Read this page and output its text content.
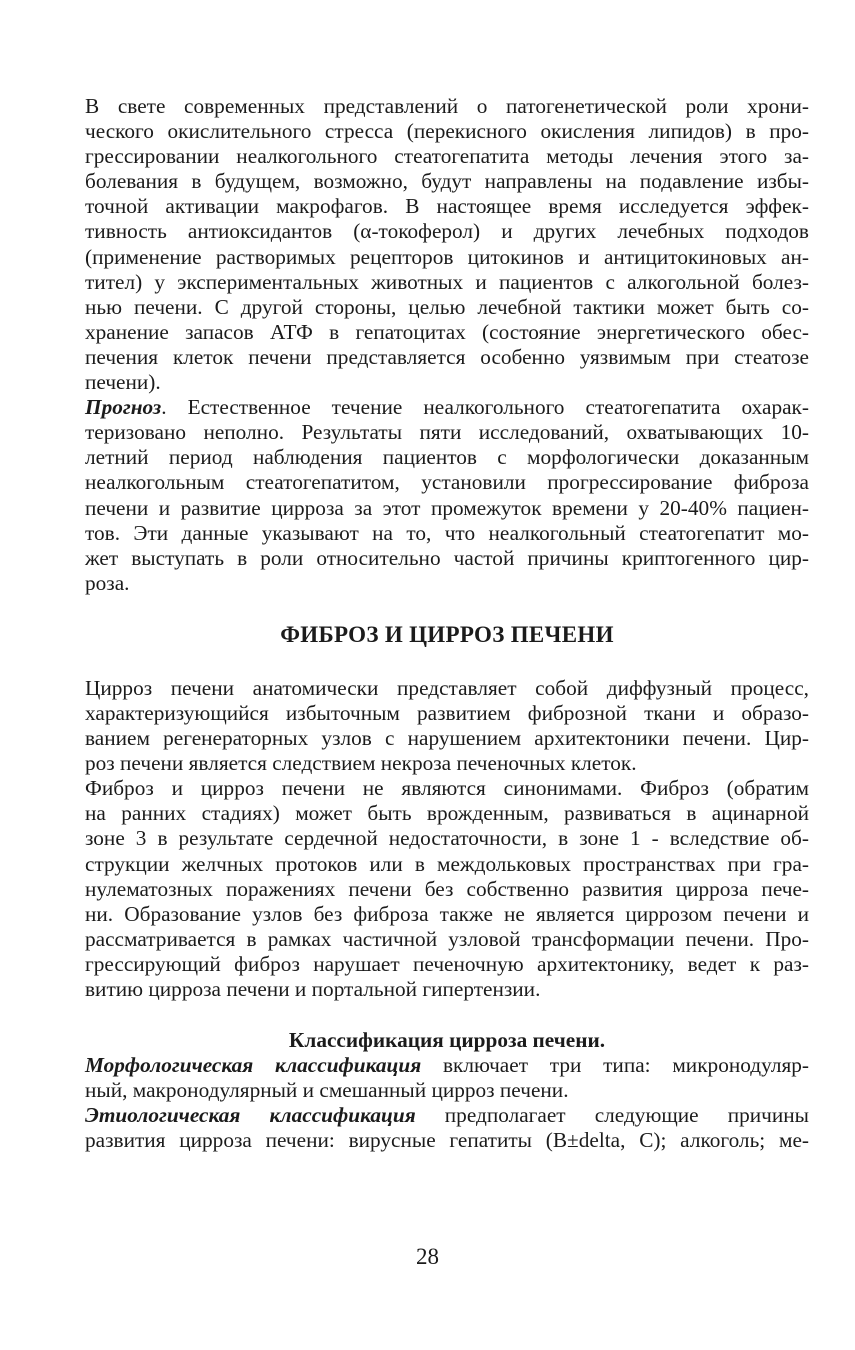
В свете современных представлений о патогенетической роли хрони-
ческого окислительного стресса (перекисного окисления липидов) в про-
грессировании неалкогольного стеатогепатита методы лечения этого за-
болевания в будущем, возможно, будут направлены на подавление избы-
точной активации макрофагов. В настоящее время исследуется эффек-
тивность антиоксидантов (α-токоферол) и других лечебных подходов
(применение растворимых рецепторов цитокинов и антицитокиновых ан-
тител) у экспериментальных животных и пациентов с алкогольной болез-
нью печени. С другой стороны, целью лечебной тактики может быть со-
хранение запасов АТФ в гепатоцитах (состояние энергетического обес-
печения клеток печени представляется особенно уязвимым при стеатозе
печени).
Прогноз. Естественное течение неалкогольного стеатогепатита охарак-
теризовано неполно. Результаты пяти исследований, охватывающих 10-
летний период наблюдения пациентов с морфологически доказанным
неалкогольным стеатогепатитом, установили прогрессирование фиброза
печени и развитие цирроза за этот промежуток времени у 20-40% пациен-
тов. Эти данные указывают на то, что неалкогольный стеатогепатит мо-
жет выступать в роли относительно частой причины криптогенного цир-
роза.
ФИБРОЗ И ЦИРРОЗ ПЕЧЕНИ
Цирроз печени анатомически представляет собой диффузный процесс,
характеризующийся избыточным развитием фиброзной ткани и образо-
ванием регенераторных узлов с нарушением архитектоники печени. Цир-
роз печени является следствием некроза печеночных клеток.
Фиброз и цирроз печени не являются синонимами. Фиброз (обратим
на ранних стадиях) может быть врожденным, развиваться в ацинарной
зоне 3 в результате сердечной недостаточности, в зоне 1 - вследствие об-
струкции желчных протоков или в междольковых пространствах при гра-
нулематозных поражениях печени без собственно развития цирроза пече-
ни. Образование узлов без фиброза также не является циррозом печени и
рассматривается в рамках частичной узловой трансформации печени. Про-
грессирующий фиброз нарушает печеночную архитектонику, ведет к раз-
витию цирроза печени и портальной гипертензии.
Классификация цирроза печени.
Морфологическая классификация включает три типа: микронодуляр-
ный, макронодулярный и смешанный цирроз печени.
Этиологическая классификация предполагает следующие причины
развития цирроза печени: вирусные гепатиты (B±delta, C); алкоголь; ме-
28
